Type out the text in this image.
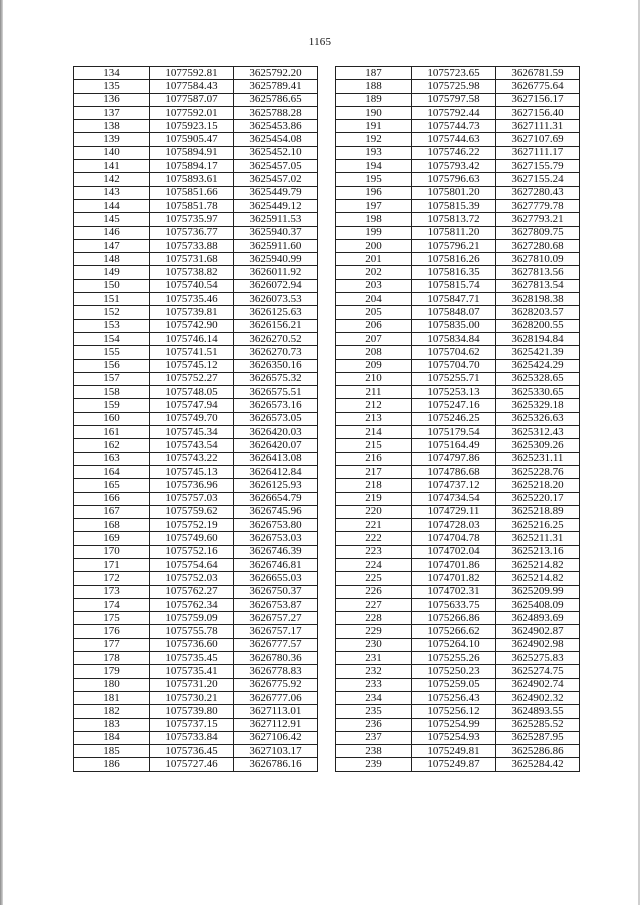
1165
134	1077592.81	3625792.20
135	1077584.43	3625789.41
136	1077587.07	3625786.65
137	1077592.01	3625788.28
138	1075923.15	3625453.86
139	1075905.47	3625454.08
140	1075894.91	3625452.10
141	1075894.17	3625457.05
142	1075893.61	3625457.02
143	1075851.66	3625449.79
144	1075851.78	3625449.12
145	1075735.97	3625911.53
146	1075736.77	3625940.37
147	1075733.88	3625911.60
148	1075731.68	3625940.99
149	1075738.82	3626011.92
150	1075740.54	3626072.94
151	1075735.46	3626073.53
152	1075739.81	3626125.63
153	1075742.90	3626156.21
154	1075746.14	3626270.52
155	1075741.51	3626270.73
156	1075745.12	3626350.16
157	1075752.27	3626575.32
158	1075748.05	3626575.51
159	1075747.94	3626573.16
160	1075749.70	3626573.05
161	1075745.34	3626420.03
162	1075743.54	3626420.07
163	1075743.22	3626413.08
164	1075745.13	3626412.84
165	1075736.96	3626125.93
166	1075757.03	3626654.79
167	1075759.62	3626745.96
168	1075752.19	3626753.80
169	1075749.60	3626753.03
170	1075752.16	3626746.39
171	1075754.64	3626746.81
172	1075752.03	3626655.03
173	1075762.27	3626750.37
174	1075762.34	3626753.87
175	1075759.09	3626757.27
176	1075755.78	3626757.17
177	1075736.60	3626777.57
178	1075735.45	3626780.36
179	1075735.41	3626778.83
180	1075731.20	3626775.92
181	1075730.21	3626777.06
182	1075739.80	3627113.01
183	1075737.15	3627112.91
184	1075733.84	3627106.42
185	1075736.45	3627103.17
186	1075727.46	3626786.16
187	1075723.65	3626781.59
188	1075725.98	3626775.64
189	1075797.58	3627156.17
190	1075792.44	3627156.40
191	1075744.73	3627111.31
192	1075744.63	3627107.69
193	1075746.22	3627111.17
194	1075793.42	3627155.79
195	1075796.63	3627155.24
196	1075801.20	3627280.43
197	1075815.39	3627779.78
198	1075813.72	3627793.21
199	1075811.20	3627809.75
200	1075796.21	3627280.68
201	1075816.26	3627810.09
202	1075816.35	3627813.56
203	1075815.74	3627813.54
204	1075847.71	3628198.38
205	1075848.07	3628203.57
206	1075835.00	3628200.55
207	1075834.84	3628194.84
208	1075704.62	3625421.39
209	1075704.70	3625424.29
210	1075255.71	3625328.65
211	1075253.13	3625330.65
212	1075247.16	3625329.18
213	1075246.25	3625326.63
214	1075179.54	3625312.43
215	1075164.49	3625309.26
216	1074797.86	3625231.11
217	1074786.68	3625228.76
218	1074737.12	3625218.20
219	1074734.54	3625220.17
220	1074729.11	3625218.89
221	1074728.03	3625216.25
222	1074704.78	3625211.31
223	1074702.04	3625213.16
224	1074701.86	3625214.82
225	1074701.82	3625214.82
226	1074702.31	3625209.99
227	1075633.75	3625408.09
228	1075266.86	3624893.69
229	1075266.62	3624902.87
230	1075264.10	3624902.98
231	1075255.26	3625275.83
232	1075250.23	3625274.75
233	1075259.05	3624902.74
234	1075256.43	3624902.32
235	1075256.12	3624893.55
236	1075254.99	3625285.52
237	1075254.93	3625287.95
238	1075249.81	3625286.86
239	1075249.87	3625284.42
